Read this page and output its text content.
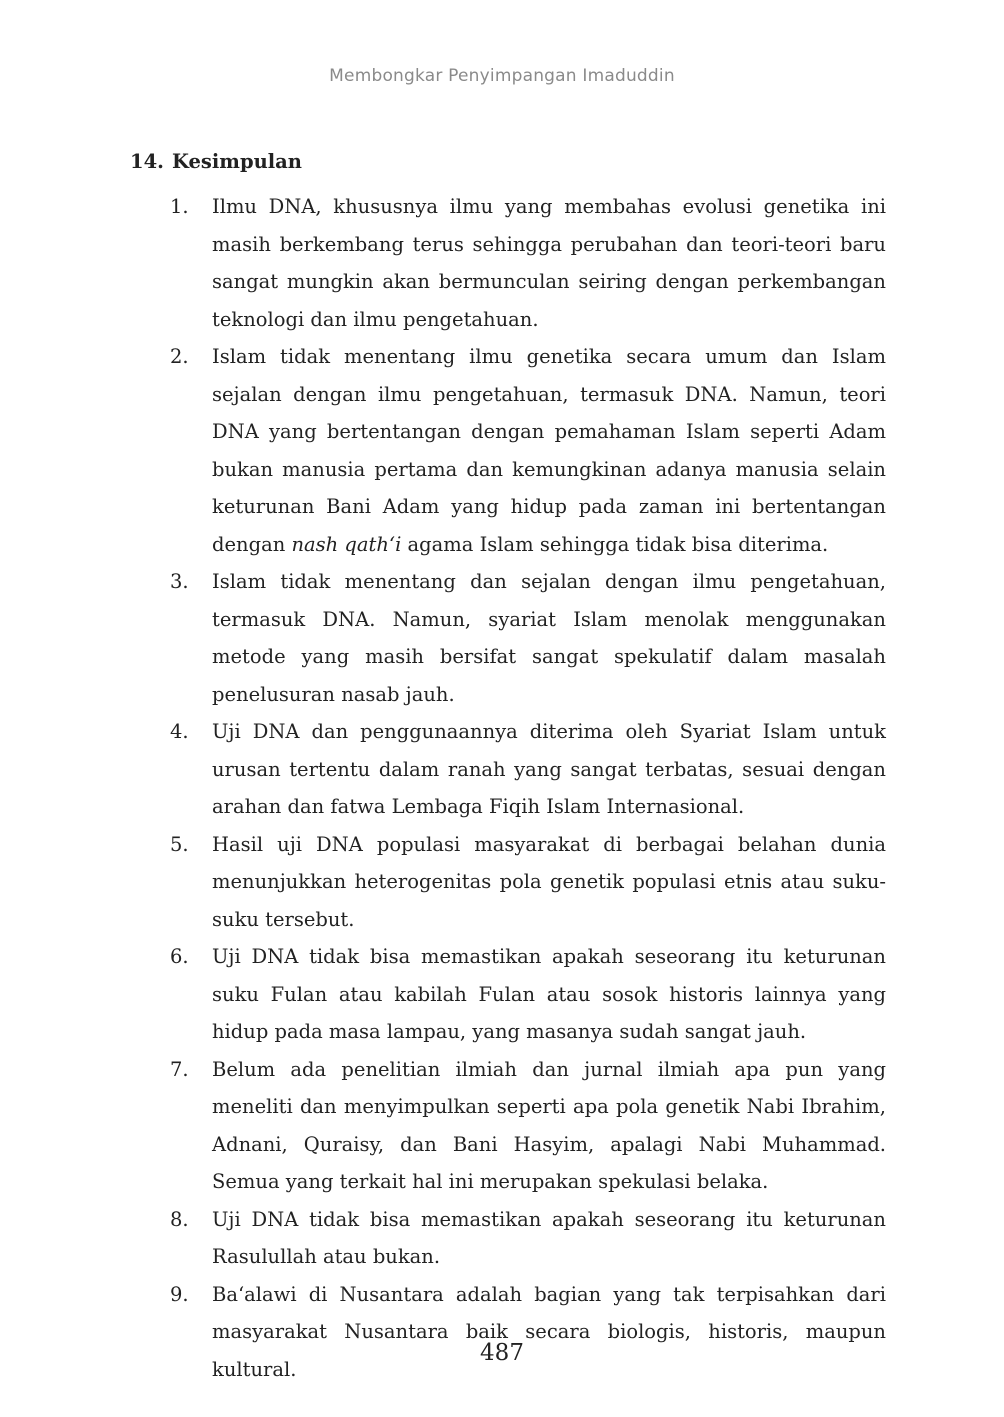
Membongkar Penyimpangan Imaduddin
14. Kesimpulan
1.	Ilmu DNA, khususnya ilmu yang membahas evolusi genetika ini masih berkembang terus sehingga perubahan dan teori-teori baru sangat mungkin akan bermunculan seiring dengan perkembangan teknologi dan ilmu pengetahuan.
2.	Islam tidak menentang ilmu genetika secara umum dan Islam sejalan dengan ilmu pengetahuan, termasuk DNA. Namun, teori DNA yang bertentangan dengan pemahaman Islam seperti Adam bukan manusia pertama dan kemungkinan adanya manusia selain keturunan Bani Adam yang hidup pada zaman ini bertentangan dengan nash qath‘i agama Islam sehingga tidak bisa diterima.
3.	Islam tidak menentang dan sejalan dengan ilmu pengetahuan, termasuk DNA. Namun, syariat Islam menolak menggunakan metode yang masih bersifat sangat spekulatif dalam masalah penelusuran nasab jauh.
4.	Uji DNA dan penggunaannya diterima oleh Syariat Islam untuk urusan tertentu dalam ranah yang sangat terbatas, sesuai dengan arahan dan fatwa Lembaga Fiqih Islam Internasional.
5.	Hasil uji DNA populasi masyarakat di berbagai belahan dunia menunjukkan heterogenitas pola genetik populasi etnis atau suku-suku tersebut.
6.	Uji DNA tidak bisa memastikan apakah seseorang itu keturunan suku Fulan atau kabilah Fulan atau sosok historis lainnya yang hidup pada masa lampau, yang masanya sudah sangat jauh.
7.	Belum ada penelitian ilmiah dan jurnal ilmiah apa pun yang meneliti dan menyimpulkan seperti apa pola genetik Nabi Ibrahim, Adnani, Quraisy, dan Bani Hasyim, apalagi Nabi Muhammad. Semua yang terkait hal ini merupakan spekulasi belaka.
8.	Uji DNA tidak bisa memastikan apakah seseorang itu keturunan Rasulullah atau bukan.
9.	Ba‘alawi di Nusantara adalah bagian yang tak terpisahkan dari masyarakat Nusantara baik secara biologis, historis, maupun kultural.
487
